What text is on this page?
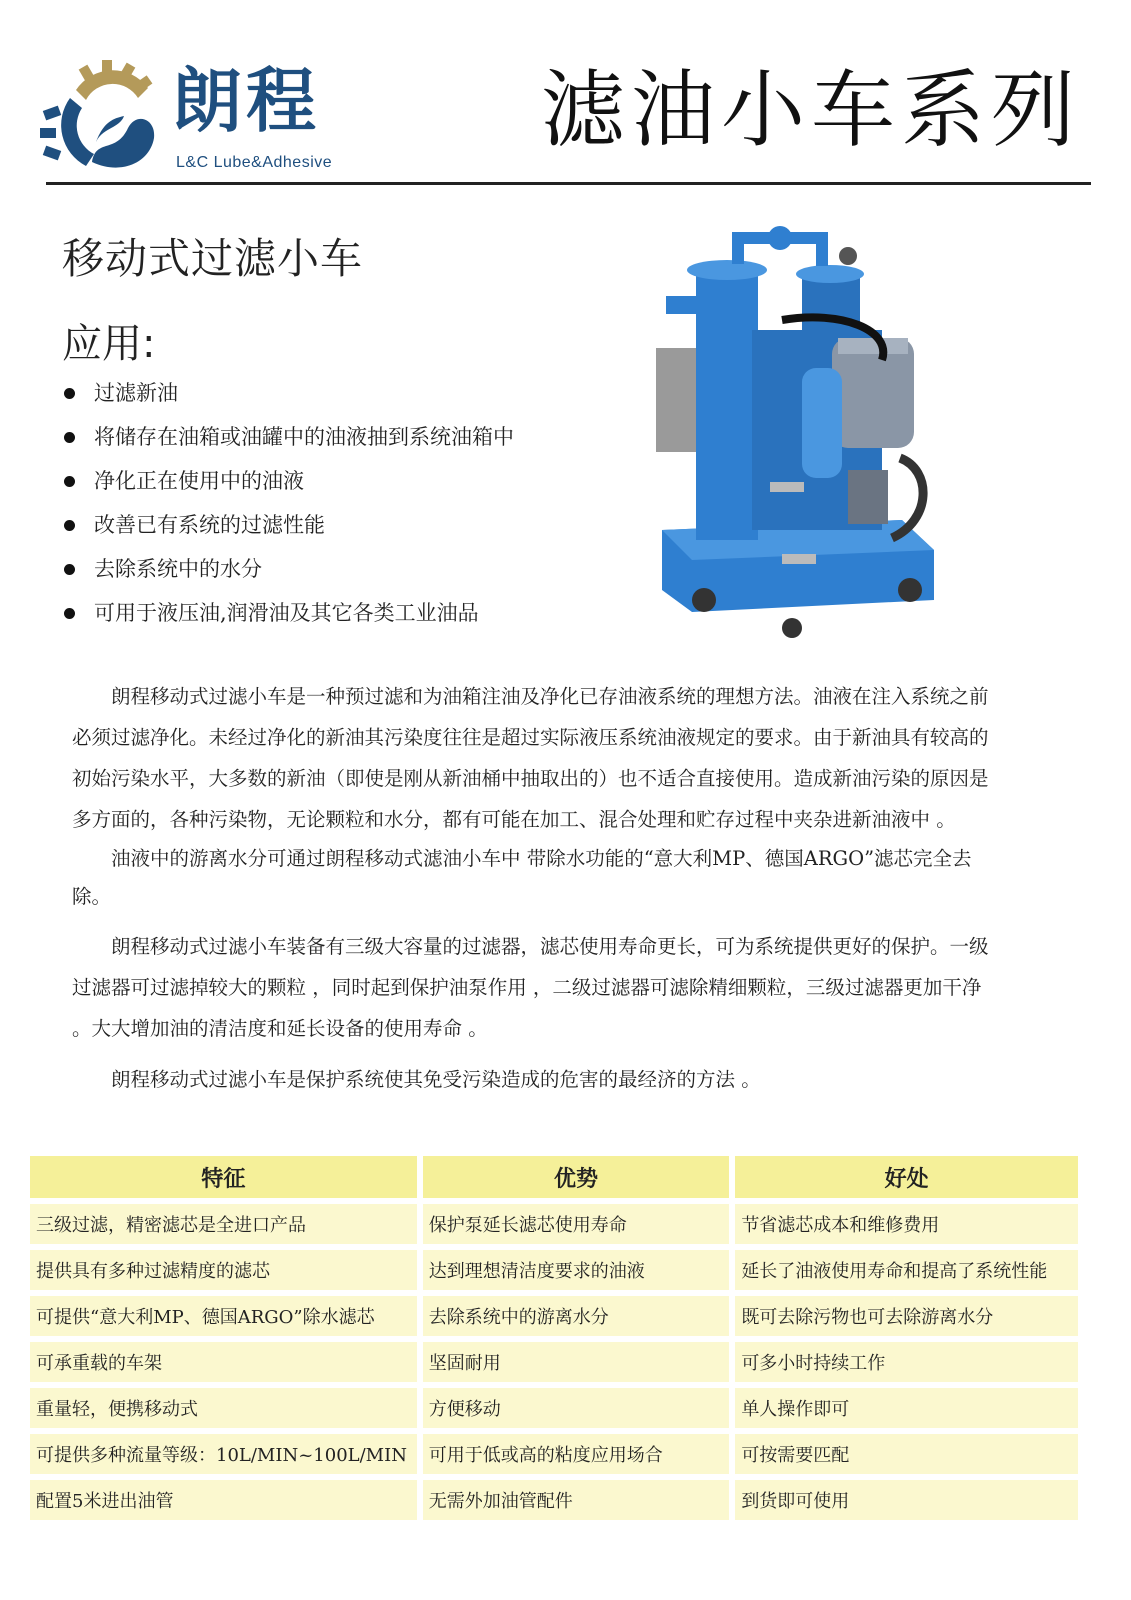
朗程
L&C Lube&Adhesive
滤油小车系列
移动式过滤小车
应用:
过滤新油
将储存在油箱或油罐中的油液抽到系统油箱中
净化正在使用中的油液
改善已有系统的过滤性能
去除系统中的水分
可用于液压油,润滑油及其它各类工业油品

朗程移动式过滤小车是一种预过滤和为油箱注油及净化已存油液系统的理想方法。油液在注入系统之前必须过滤净化。未经过净化的新油其污染度往往是超过实际液压系统油液规定的要求。由于新油具有较高的初始污染水平，大多数的新油（即使是刚从新油桶中抽取出的）也不适合直接使用。造成新油污染的原因是多方面的，各种污染物，无论颗粒和水分，都有可能在加工、混合处理和贮存过程中夹杂进新油液中 。

油液中的游离水分可通过朗程移动式滤油小车中 带除水功能的“意大利MP、德国ARGO”滤芯完全去除。

朗程移动式过滤小车装备有三级大容量的过滤器，滤芯使用寿命更长，可为系统提供更好的保护。一级过滤器可过滤掉较大的颗粒 ，同时起到保护油泵作用 ，二级过滤器可滤除精细颗粒，三级过滤器更加干净 。大大增加油的清洁度和延长设备的使用寿命 。

朗程移动式过滤小车是保护系统使其免受污染造成的危害的最经济的方法 。

特征	优势	好处
三级过滤，精密滤芯是全进口产品	保护泵延长滤芯使用寿命	节省滤芯成本和维修费用
提供具有多种过滤精度的滤芯	达到理想清洁度要求的油液	延长了油液使用寿命和提高了系统性能
可提供“意大利MP、德国ARGO”除水滤芯	去除系统中的游离水分	既可去除污物也可去除游离水分
可承重载的车架	坚固耐用	可多小时持续工作
重量轻，便携移动式	方便移动	单人操作即可
可提供多种流量等级：10L/MIN~100L/MIN	可用于低或高的粘度应用场合	可按需要匹配
配置5米进出油管	无需外加油管配件	到货即可使用
